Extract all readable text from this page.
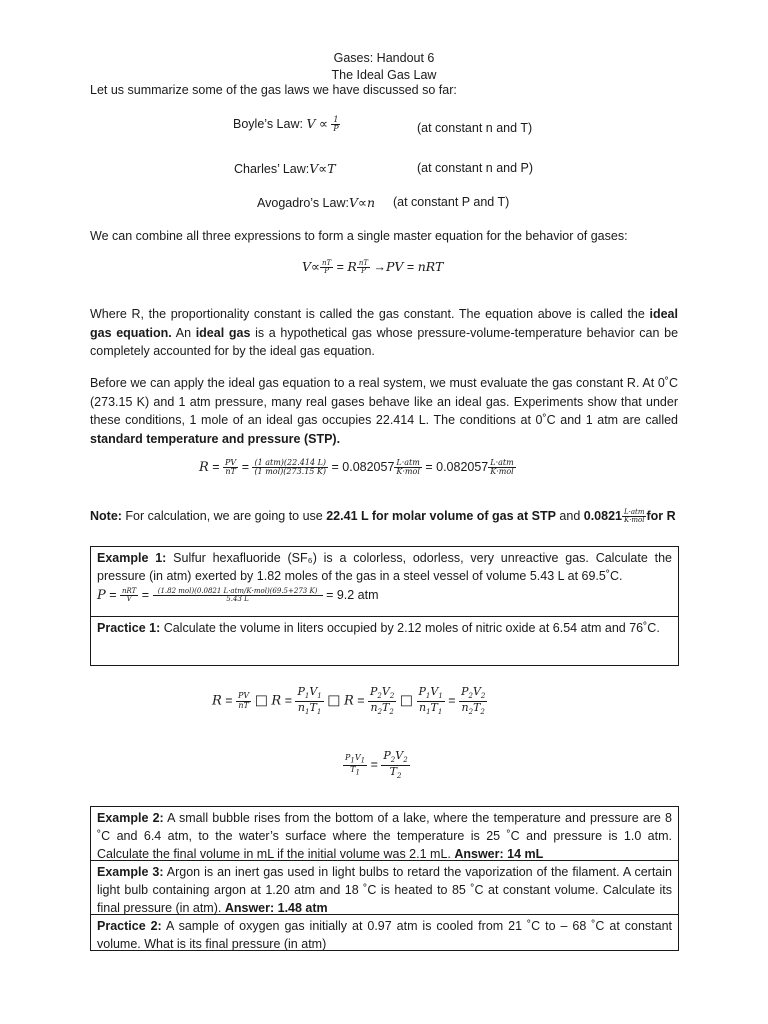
Gases: Handout 6
The Ideal Gas Law
Let us summarize some of the gas laws we have discussed so far:
Boyle’s Law: $V \propto \frac{1}{P}$	(at constant n and T)
Charles’ Law:V∝T	(at constant n and P)
Avogadro’s Law:V∝n (at constant P and T)
We can combine all three expressions to form a single master equation for the behavior of gases:
$V\propto \frac{nT}{P} = R \frac{nT}{P} \to PV$ = nRT
Where R, the proportionality constant is called the gas constant. The equation above is called the ideal gas equation. An ideal gas is a hypothetical gas whose pressure-volume-temperature behavior can be completely accounted for by the ideal gas equation.
Before we can apply the ideal gas equation to a real system, we must evaluate the gas constant R. At 0˚C (273.15 K) and 1 atm pressure, many real gases behave like an ideal gas. Experiments show that under these conditions, 1 mole of an ideal gas occupies 22.414 L. The conditions at 0˚C and 1 atm are called standard temperature and pressure (STP).
$R = \frac{PV}{nT} = \frac{\text{(1 atm)(22.414 L)}}{\text{(1 mol)(273.15 K)}} = 0.082057 \frac{\text{L·atm}}{\text{K·mol}} = 0.082057 \frac{\text{L·atm}}{\text{K·mol}}$
Note: For calculation, we are going to use 22.41 L for molar volume of gas at STP and $0.0821 \frac{\text{L·atm}}{\text{K·mol}}$ for R
Example 1: Sulfur hexafluoride (SF₆) is a colorless, odorless, very unreactive gas. Calculate the pressure (in atm) exerted by 1.82 moles of the gas in a steel vessel of volume 5.43 L at 69.5˚C.
$P = \frac{\text{nRT}}{V} = \frac{\text{(1.82 mol)(0.0821 L·atm/K·mol)(69.5+273 K)}}{5.43 L} = 9.2$ atm
Practice 1: Calculate the volume in liters occupied by 2.12 moles of nitric oxide at 6.54 atm and 76˚C.
$R = \frac{PV}{nT}$ □ $R = \frac{P_1V_1}{n_1T_1}$ □ $R = \frac{P_2V_2}{n_2T_2}$ □ $\frac{P_1V_1}{n_1T_1} = \frac{P_2V_2}{n_2T_2}$
$\frac{P_1V_1}{T_1} = \frac{P_2V_2}{T_2}$
Example 2: A small bubble rises from the bottom of a lake, where the temperature and pressure are 8 ˚C and 6.4 atm, to the water’s surface where the temperature is 25 ˚C and pressure is 1.0 atm. Calculate the final volume in mL if the initial volume was 2.1 mL. Answer: 14 mL
Example 3: Argon is an inert gas used in light bulbs to retard the vaporization of the filament. A certain light bulb containing argon at 1.20 atm and 18 ˚C is heated to 85 ˚C at constant volume. Calculate its final pressure (in atm). Answer: 1.48 atm
Practice 2: A sample of oxygen gas initially at 0.97 atm is cooled from 21 ˚C to – 68 ˚C at constant volume. What is its final pressure (in atm)
